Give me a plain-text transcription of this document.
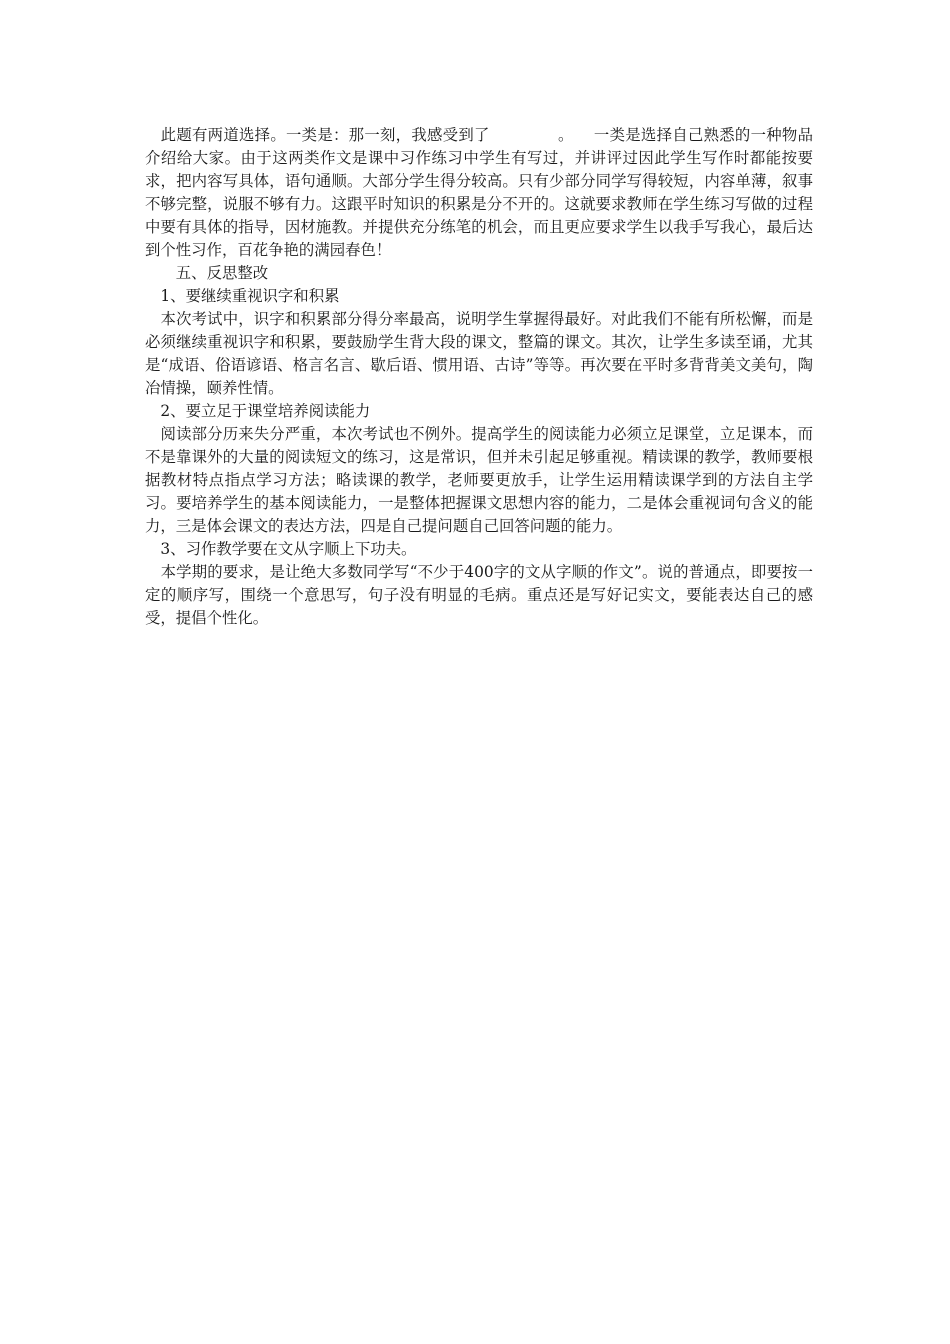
　此题有两道选择。一类是：那一刻，我感受到了	。 一类是选择自己熟悉的一种物品介绍给大家。由于这两类作文是课中习作练习中学生有写过，并讲评过因此学生写作时都能按要求，把内容写具体，语句通顺。大部分学生得分较高。只有少部分同学写得较短，内容单薄，叙事不够完整，说服不够有力。这跟平时知识的积累是分不开的。这就要求教师在学生练习写做的过程中要有具体的指导，因材施教。并提供充分练笔的机会，而且更应要求学生以我手写我心，最后达到个性习作，百花争艳的满园春色！

　　五、反思整改

　1、要继续重视识字和积累

　本次考试中，识字和积累部分得分率最高，说明学生掌握得最好。对此我们不能有所松懈，而是必须继续重视识字和积累，要鼓励学生背大段的课文，整篇的课文。其次，让学生多读至诵，尤其是“成语、俗语谚语、格言名言、歇后语、惯用语、古诗”等等。再次要在平时多背背美文美句，陶冶情操，颐养性情。

　2、要立足于课堂培养阅读能力

　阅读部分历来失分严重，本次考试也不例外。提高学生的阅读能力必须立足课堂，立足课本，而不是靠课外的大量的阅读短文的练习，这是常识，但并未引起足够重视。精读课的教学，教师要根据教材特点指点学习方法；略读课的教学，老师要更放手，让学生运用精读课学到的方法自主学习。要培养学生的基本阅读能力，一是整体把握课文思想内容的能力，二是体会重视词句含义的能力，三是体会课文的表达方法，四是自己提问题自己回答问题的能力。

　3、习作教学要在文从字顺上下功夫。

　本学期的要求，是让绝大多数同学写“不少于400字的文从字顺的作文”。说的普通点，即要按一定的顺序写，围绕一个意思写，句子没有明显的毛病。重点还是写好记实文，要能表达自己的感受，提倡个性化。
